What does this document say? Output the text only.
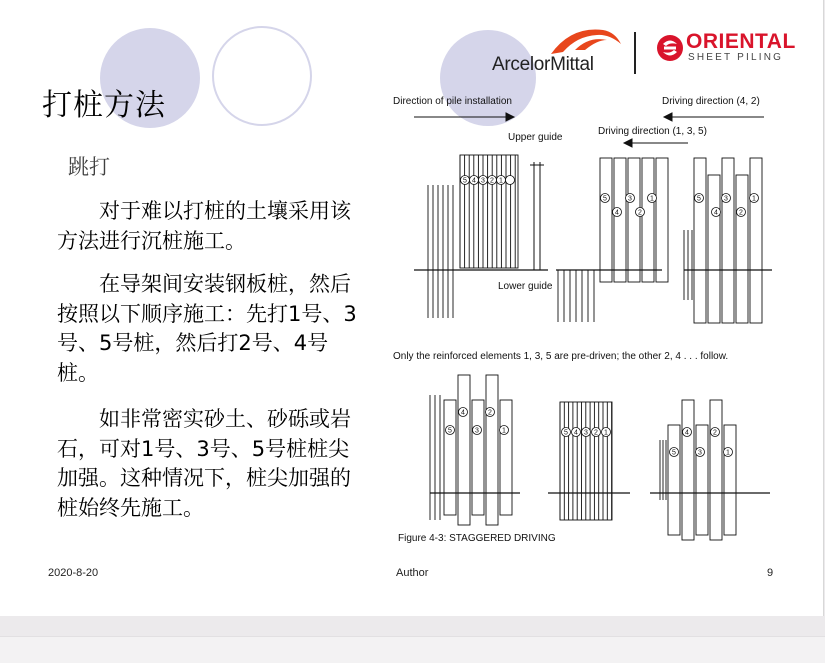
ArcelorMittal
ORIENTAL
SHEET PILING
打桩方法
跳打
对于难以打桩的土壤采用该方法进行沉桩施工。
在导架间安装钢板桩，然后按照以下顺序施工：先打1号、3号、5号桩，然后打2号、4号桩。
如非常密实砂土、砂砾或岩石，可对1号、3号、5号桩桩尖加强。这种情况下，桩尖加强的桩始终先施工。
Direction of pile installation	Driving direction (4, 2)
Upper guide
Driving direction (1, 3, 5)
Lower guide
Only the reinforced elements 1, 3, 5 are pre-driven; the other 2, 4 . . . follow.
Figure 4-3: STAGGERED DRIVING
5 4 3 2 1
5	3	1
4	2
5	3	1
4	2
5	3	1
4	2
5 4 3 2 1
5	3	1
4	2
2020-8-20	Author	9
